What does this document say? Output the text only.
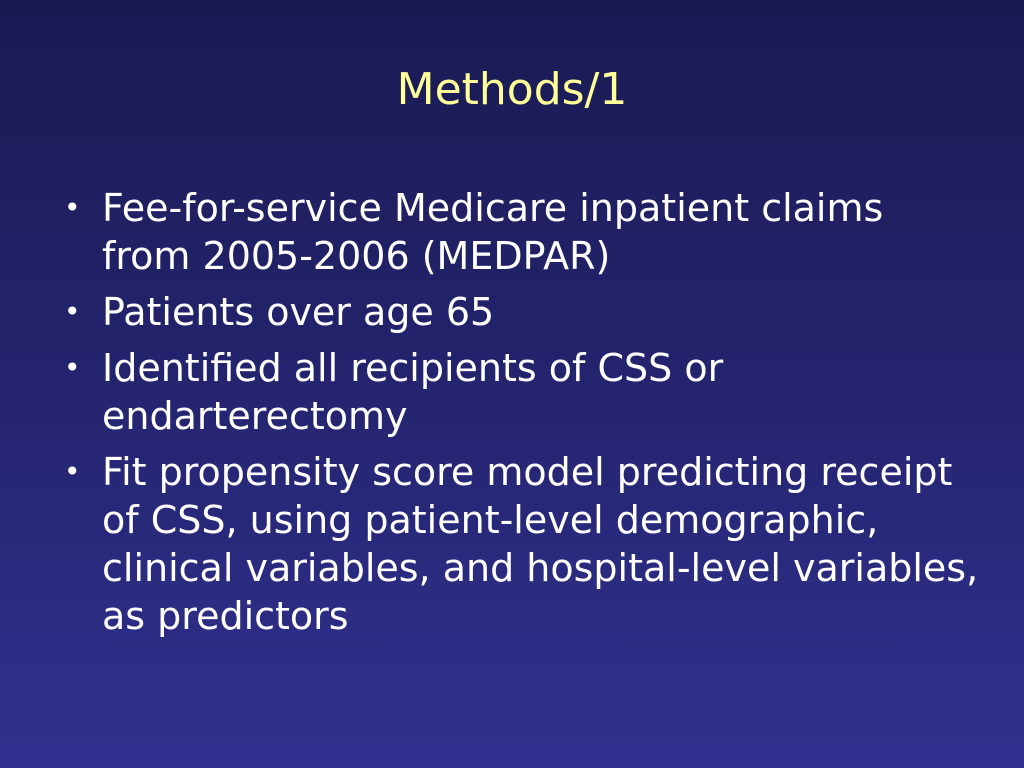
Methods/1
• Fee-for-service Medicare inpatient claims from 2005-2006 (MEDPAR)
• Patients over age 65
• Identified all recipients of CSS or endarterectomy
• Fit propensity score model predicting receipt of CSS, using patient-level demographic, clinical variables, and hospital-level variables, as predictors
